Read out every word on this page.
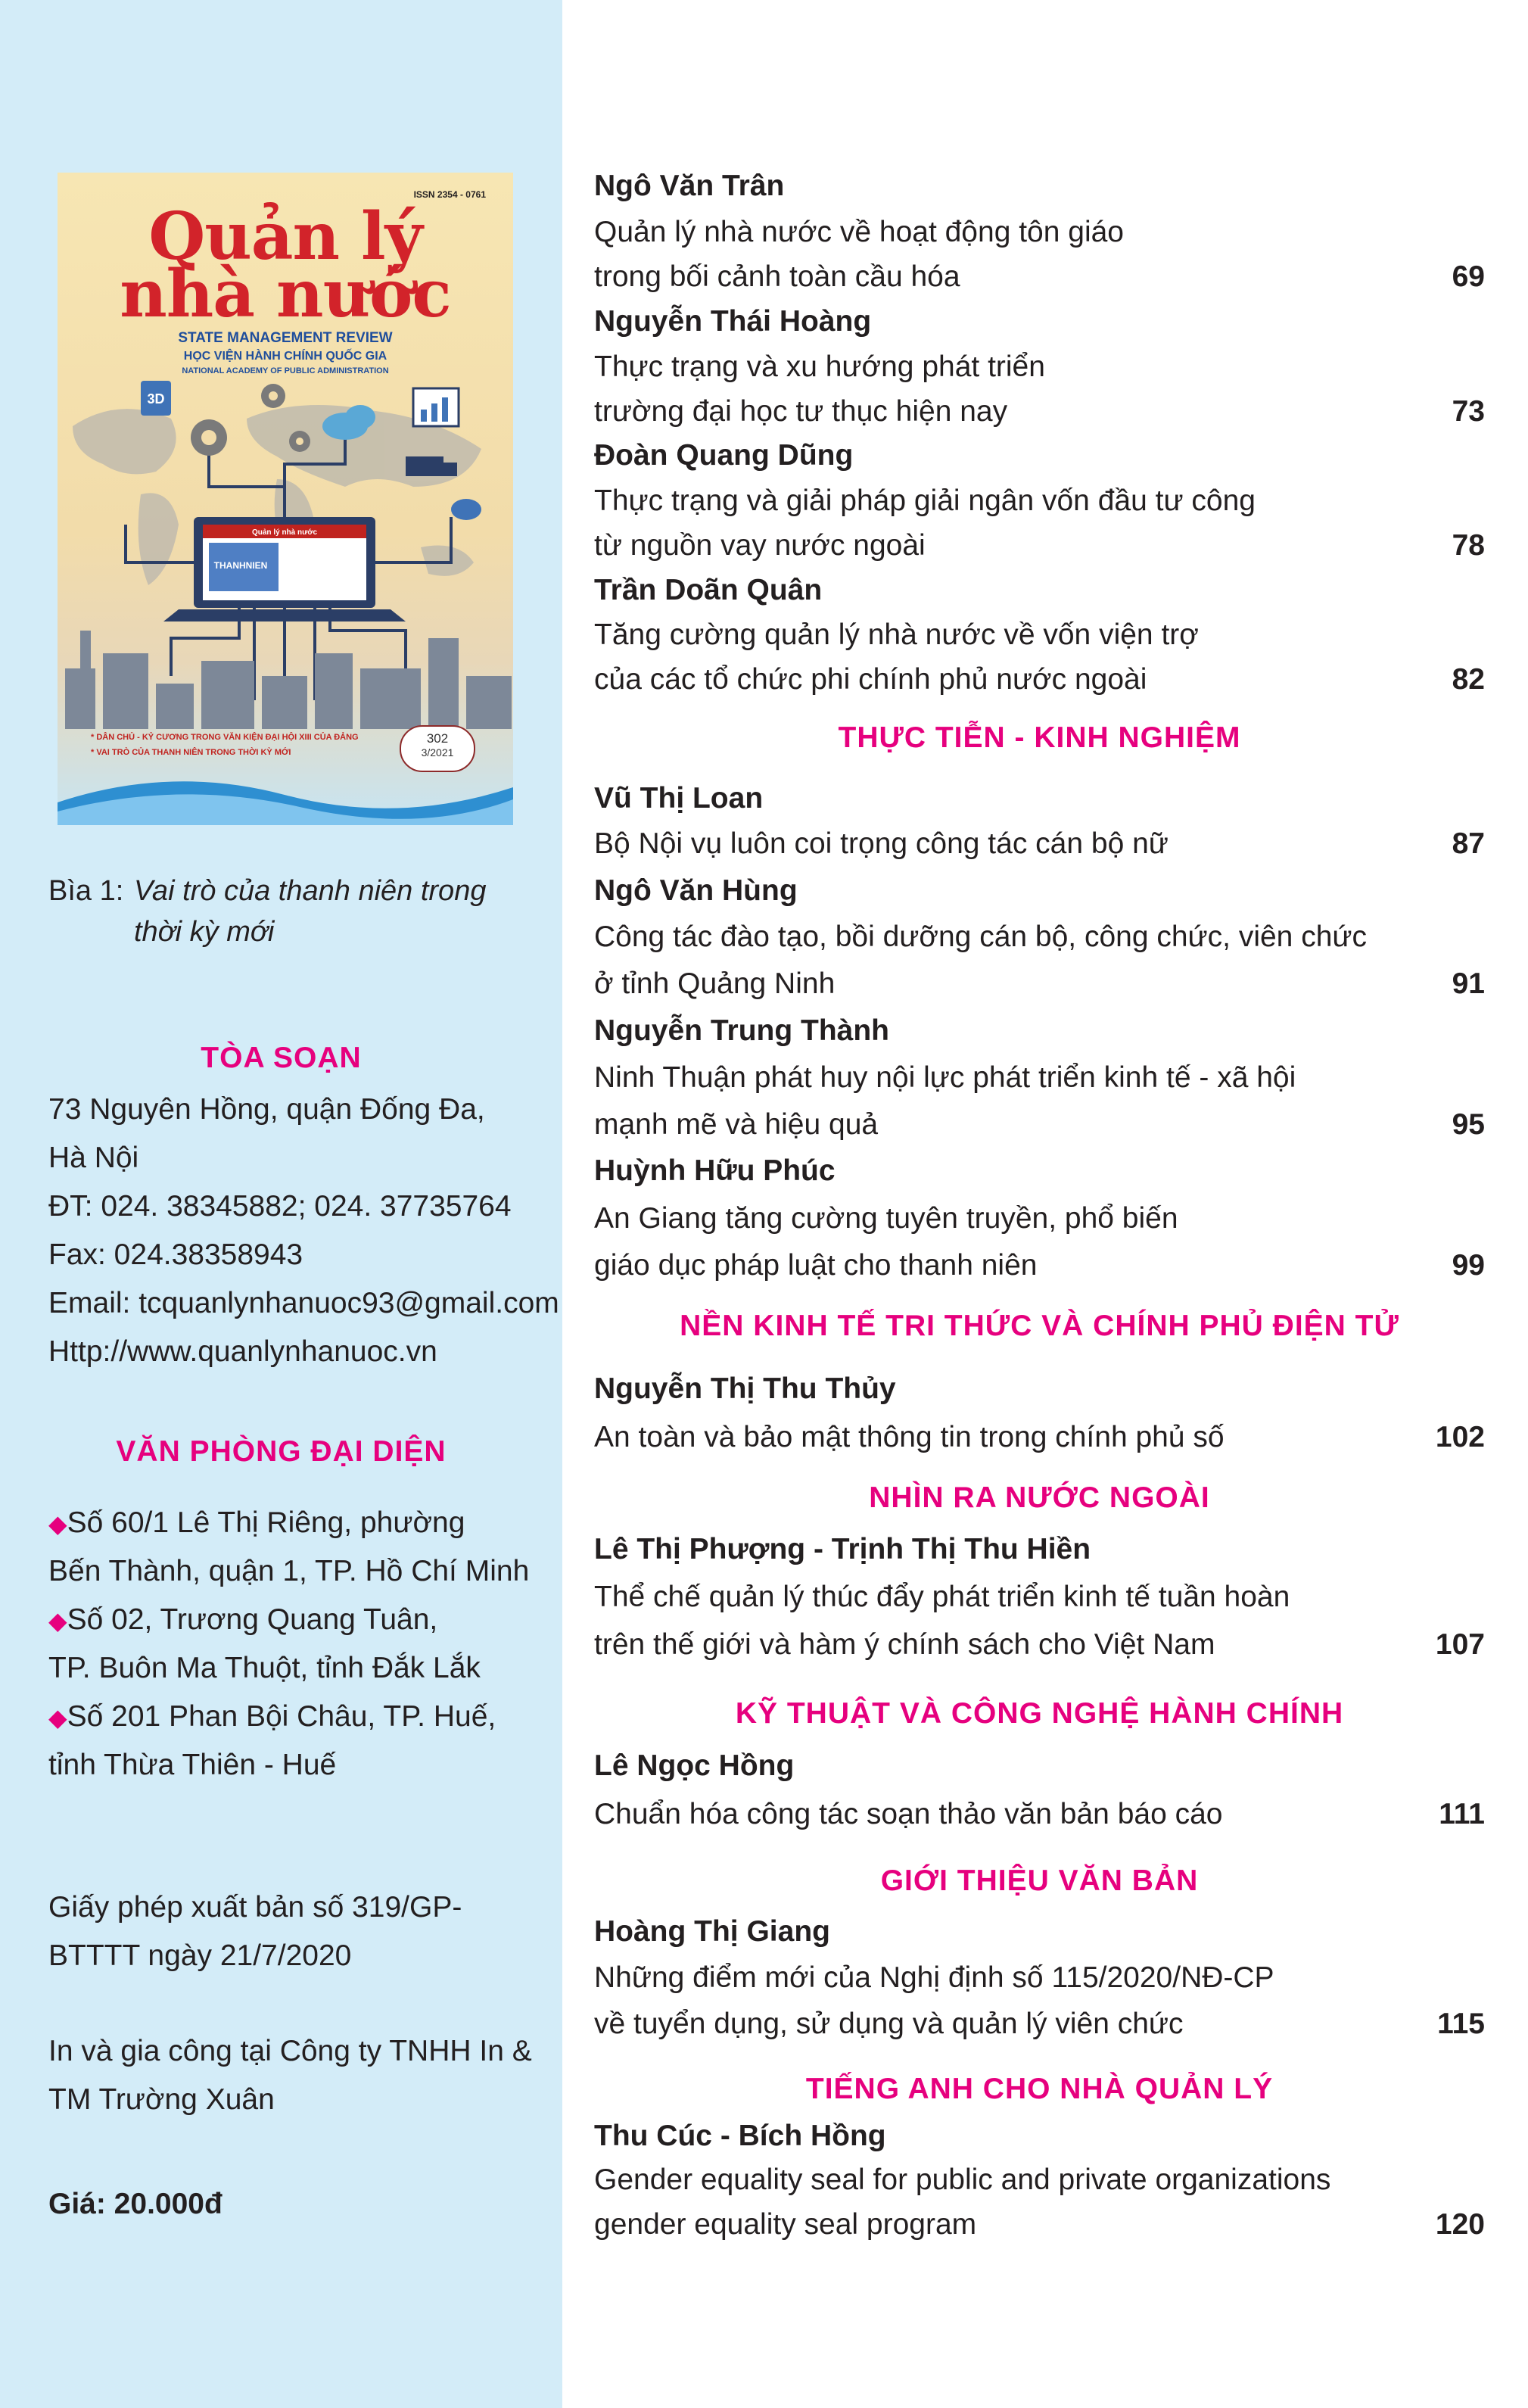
ISSN 2354 - 0761
Quản lý
nhà nước
STATE MANAGEMENT REVIEW
HỌC VIỆN HÀNH CHÍNH QUỐC GIA
NATIONAL ACADEMY OF PUBLIC ADMINISTRATION
THANHNIEN
Quản lý nhà nước
3D
* DÂN CHỦ - KỶ CƯƠNG TRONG VĂN KIỆN ĐẠI HỘI XIII CỦA ĐẢNG
* VAI TRÒ CỦA THANH NIÊN TRONG THỜI KỲ MỚI
302
3/2021
Bìa 1: Vai trò của thanh niên trong
thời kỳ mới
TÒA SOẠN
73 Nguyên Hồng, quận Đống Đa,
Hà Nội
ĐT: 024. 38345882; 024. 37735764
Fax: 024.38358943
Email: tcquanlynhanuoc93@gmail.com
Http://www.quanlynhanuoc.vn
VĂN PHÒNG ĐẠI DIỆN
◆Số 60/1 Lê Thị Riêng, phường
Bến Thành, quận 1, TP. Hồ Chí Minh
◆Số 02, Trương Quang Tuân,
TP. Buôn Ma Thuột, tỉnh Đắk Lắk
◆Số 201 Phan Bội Châu, TP. Huế,
tỉnh Thừa Thiên - Huế
Giấy phép xuất bản số 319/GP-
BTTTT ngày 21/7/2020
In và gia công tại Công ty TNHH In &
TM Trường Xuân
Giá: 20.000đ
Ngô Văn Trân
Quản lý nhà nước về hoạt động tôn giáo
trong bối cảnh toàn cầu hóa	69
Nguyễn Thái Hoàng
Thực trạng và xu hướng phát triển
trường đại học tư thục hiện nay	73
Đoàn Quang Dũng
Thực trạng và giải pháp giải ngân vốn đầu tư công
từ nguồn vay nước ngoài	78
Trần Doãn Quân
Tăng cường quản lý nhà nước về vốn viện trợ
của các tổ chức phi chính phủ nước ngoài	82
THỰC TIỄN - KINH NGHIỆM
Vũ Thị Loan
Bộ Nội vụ luôn coi trọng công tác cán bộ nữ	87
Ngô Văn Hùng
Công tác đào tạo, bồi dưỡng cán bộ, công chức, viên chức
ở tỉnh Quảng Ninh	91
Nguyễn Trung Thành
Ninh Thuận phát huy nội lực phát triển kinh tế - xã hội
mạnh mẽ và hiệu quả	95
Huỳnh Hữu Phúc
An Giang tăng cường tuyên truyền, phổ biến
giáo dục pháp luật cho thanh niên	99
NỀN KINH TẾ TRI THỨC VÀ CHÍNH PHỦ ĐIỆN TỬ
Nguyễn Thị Thu Thủy
An toàn và bảo mật thông tin trong chính phủ số	102
NHÌN RA NƯỚC NGOÀI
Lê Thị Phượng - Trịnh Thị Thu Hiền
Thể chế quản lý thúc đẩy phát triển kinh tế tuần hoàn
trên thế giới và hàm ý chính sách cho Việt Nam	107
KỸ THUẬT VÀ CÔNG NGHỆ HÀNH CHÍNH
Lê Ngọc Hồng
Chuẩn hóa công tác soạn thảo văn bản báo cáo	111
GIỚI THIỆU VĂN BẢN
Hoàng Thị Giang
Những điểm mới của Nghị định số 115/2020/NĐ-CP
về tuyển dụng, sử dụng và quản lý viên chức	115
TIẾNG ANH CHO NHÀ QUẢN LÝ
Thu Cúc - Bích Hồng
Gender equality seal for public and private organizations
gender equality seal program	120
